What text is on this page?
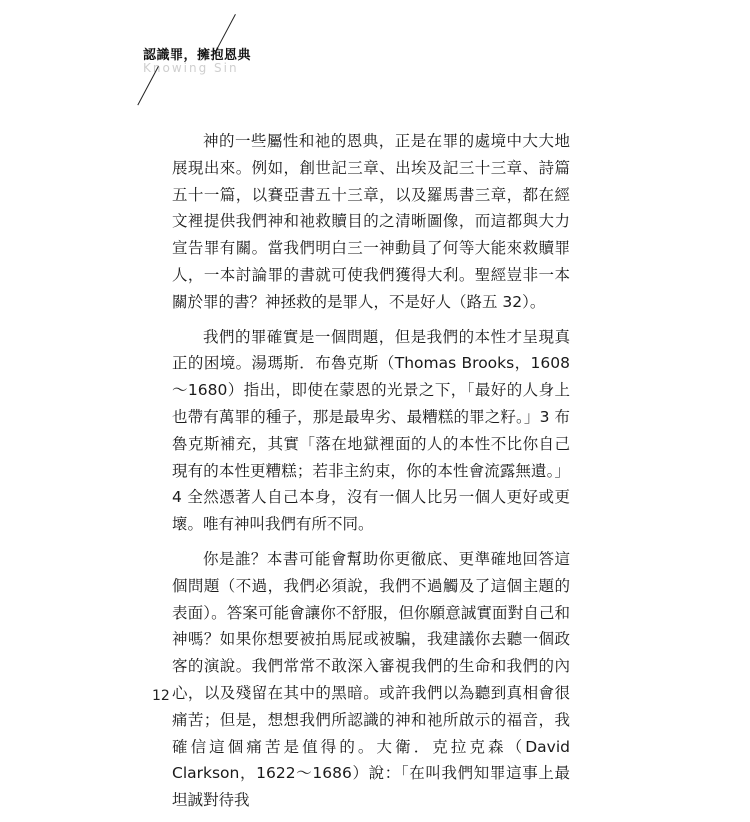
認識罪，擁抱恩典
Knowing Sin

神的一些屬性和祂的恩典，正是在罪的處境中大大地展現出來。例如，創世記三章、出埃及記三十三章、詩篇五十一篇，以賽亞書五十三章，以及羅馬書三章，都在經文裡提供我們神和祂救贖目的之清晰圖像，而這都與大力宣告罪有關。當我們明白三一神動員了何等大能來救贖罪人，一本討論罪的書就可使我們獲得大利。聖經豈非一本關於罪的書？神拯救的是罪人，不是好人（路五 32）。

我們的罪確實是一個問題，但是我們的本性才呈現真正的困境。湯瑪斯．布魯克斯（Thomas Brooks，1608～1680）指出，即使在蒙恩的光景之下，「最好的人身上也帶有萬罪的種子，那是最卑劣、最糟糕的罪之籽。」3 布魯克斯補充，其實「落在地獄裡面的人的本性不比你自己現有的本性更糟糕；若非主約束，你的本性會流露無遺。」4 全然憑著人自己本身，沒有一個人比另一個人更好或更壞。唯有神叫我們有所不同。

你是誰？本書可能會幫助你更徹底、更準確地回答這個問題（不過，我們必須說，我們不過觸及了這個主題的表面）。答案可能會讓你不舒服，但你願意誠實面對自己和神嗎？如果你想要被拍馬屁或被騙，我建議你去聽一個政客的演說。我們常常不敢深入審視我們的生命和我們的內心，以及殘留在其中的黑暗。或許我們以為聽到真相會很痛苦；但是，想想我們所認識的神和祂所啟示的福音，我確信這個痛苦是值得的。大衛．克拉克森（David Clarkson，1622～1686）說：「在叫我們知罪這事上最坦誠對待我

12
